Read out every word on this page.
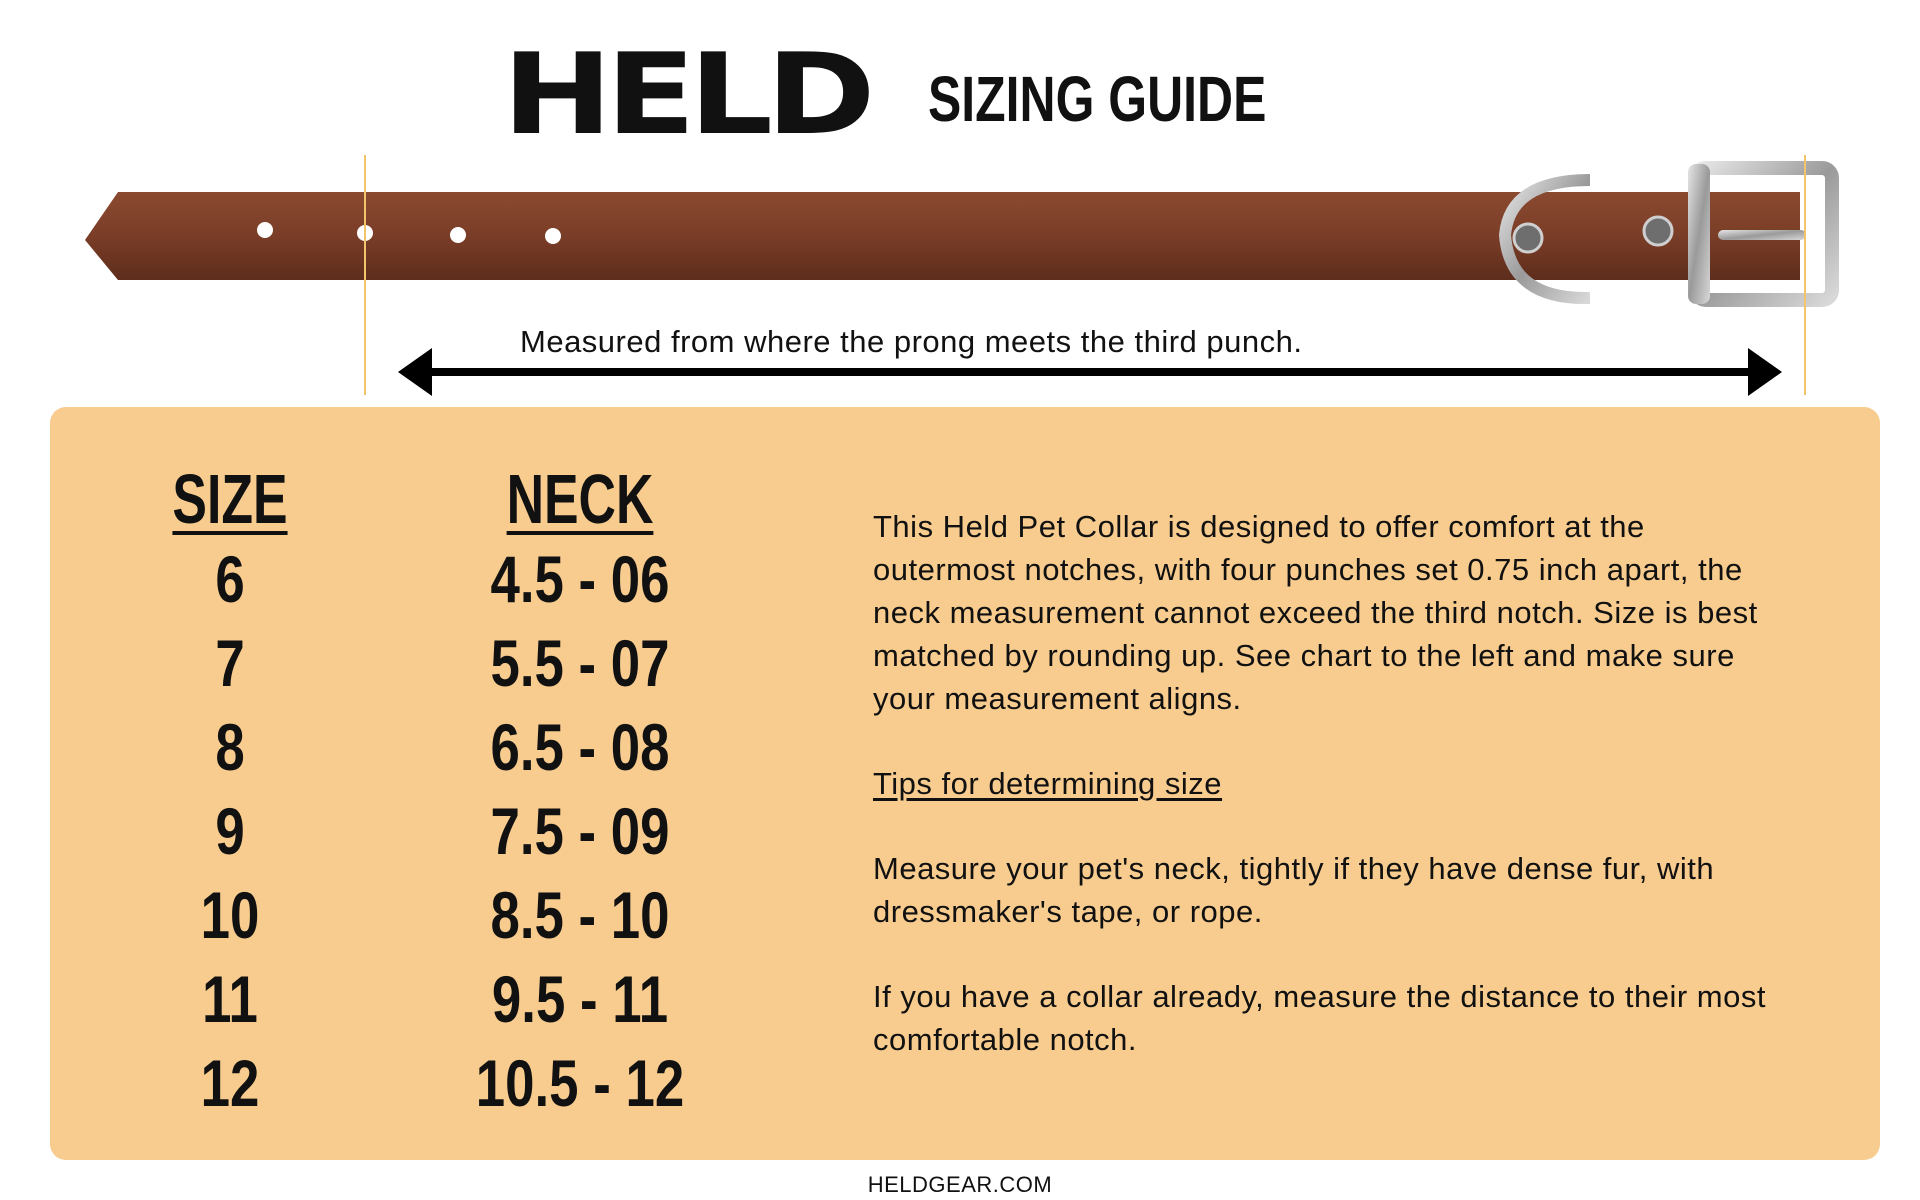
HELD SIZING GUIDE
Measured from where the prong meets the third punch.
SIZE	NECK
6	4.5 - 06
7	5.5 - 07
8	6.5 - 08
9	7.5 - 09
10	8.5 - 10
11	9.5 - 11
12	10.5 - 12

This Held Pet Collar is designed to offer comfort at the outermost notches, with four punches set 0.75 inch apart, the neck measurement cannot exceed the third notch. Size is best matched by rounding up. See chart to the left and make sure your measurement aligns.

Tips for determining size

Measure your pet's neck, tightly if they have dense fur, with dressmaker's tape, or rope.

If you have a collar already, measure the distance to their most comfortable notch.

HELDGEAR.COM
